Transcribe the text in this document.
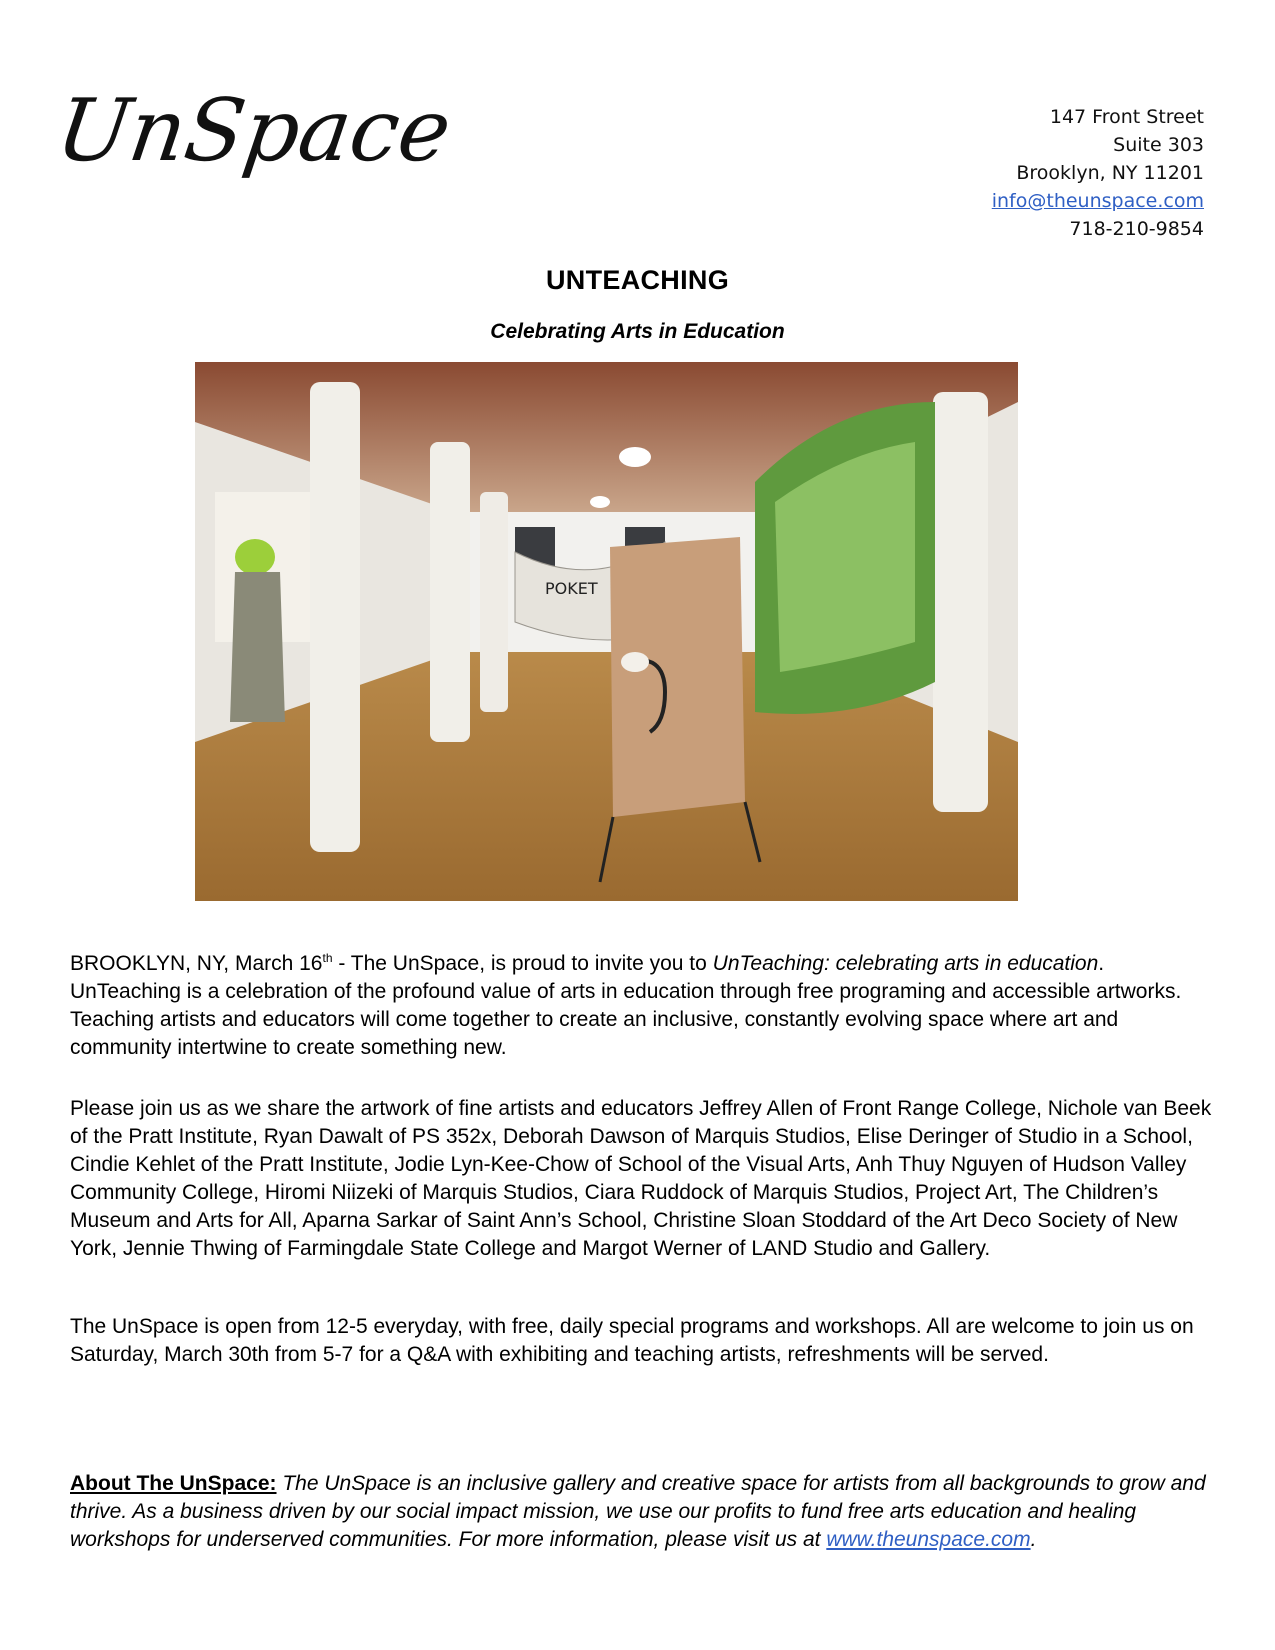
UnSpace	147 Front Street
Suite 303
Brooklyn, NY 11201
info@theunspace.com
718-210-9854
UNTEACHING
Celebrating Arts in Education
POKET

BROOKLYN, NY, March 16th - The UnSpace, is proud to invite you to UnTeaching: celebrating arts in education. UnTeaching is a celebration of the profound value of arts in education through free programing and accessible artworks. Teaching artists and educators will come together to create an inclusive, constantly evolving space where art and community intertwine to create something new.

Please join us as we share the artwork of fine artists and educators Jeffrey Allen of Front Range College, Nichole van Beek of the Pratt Institute, Ryan Dawalt of PS 352x, Deborah Dawson of Marquis Studios, Elise Deringer of Studio in a School, Cindie Kehlet of the Pratt Institute, Jodie Lyn-Kee-Chow of School of the Visual Arts, Anh Thuy Nguyen of Hudson Valley Community College, Hiromi Niizeki of Marquis Studios, Ciara Ruddock of Marquis Studios, Project Art, The Children’s Museum and Arts for All, Aparna Sarkar of Saint Ann’s School, Christine Sloan Stoddard of the Art Deco Society of New York, Jennie Thwing of Farmingdale State College and Margot Werner of LAND Studio and Gallery.

The UnSpace is open from 12-5 everyday, with free, daily special programs and workshops. All are welcome to join us on Saturday, March 30th from 5-7 for a Q&A with exhibiting and teaching artists, refreshments will be served.

About The UnSpace: The UnSpace is an inclusive gallery and creative space for artists from all backgrounds to grow and thrive. As a business driven by our social impact mission, we use our profits to fund free arts education and healing workshops for underserved communities. For more information, please visit us at www.theunspace.com.
